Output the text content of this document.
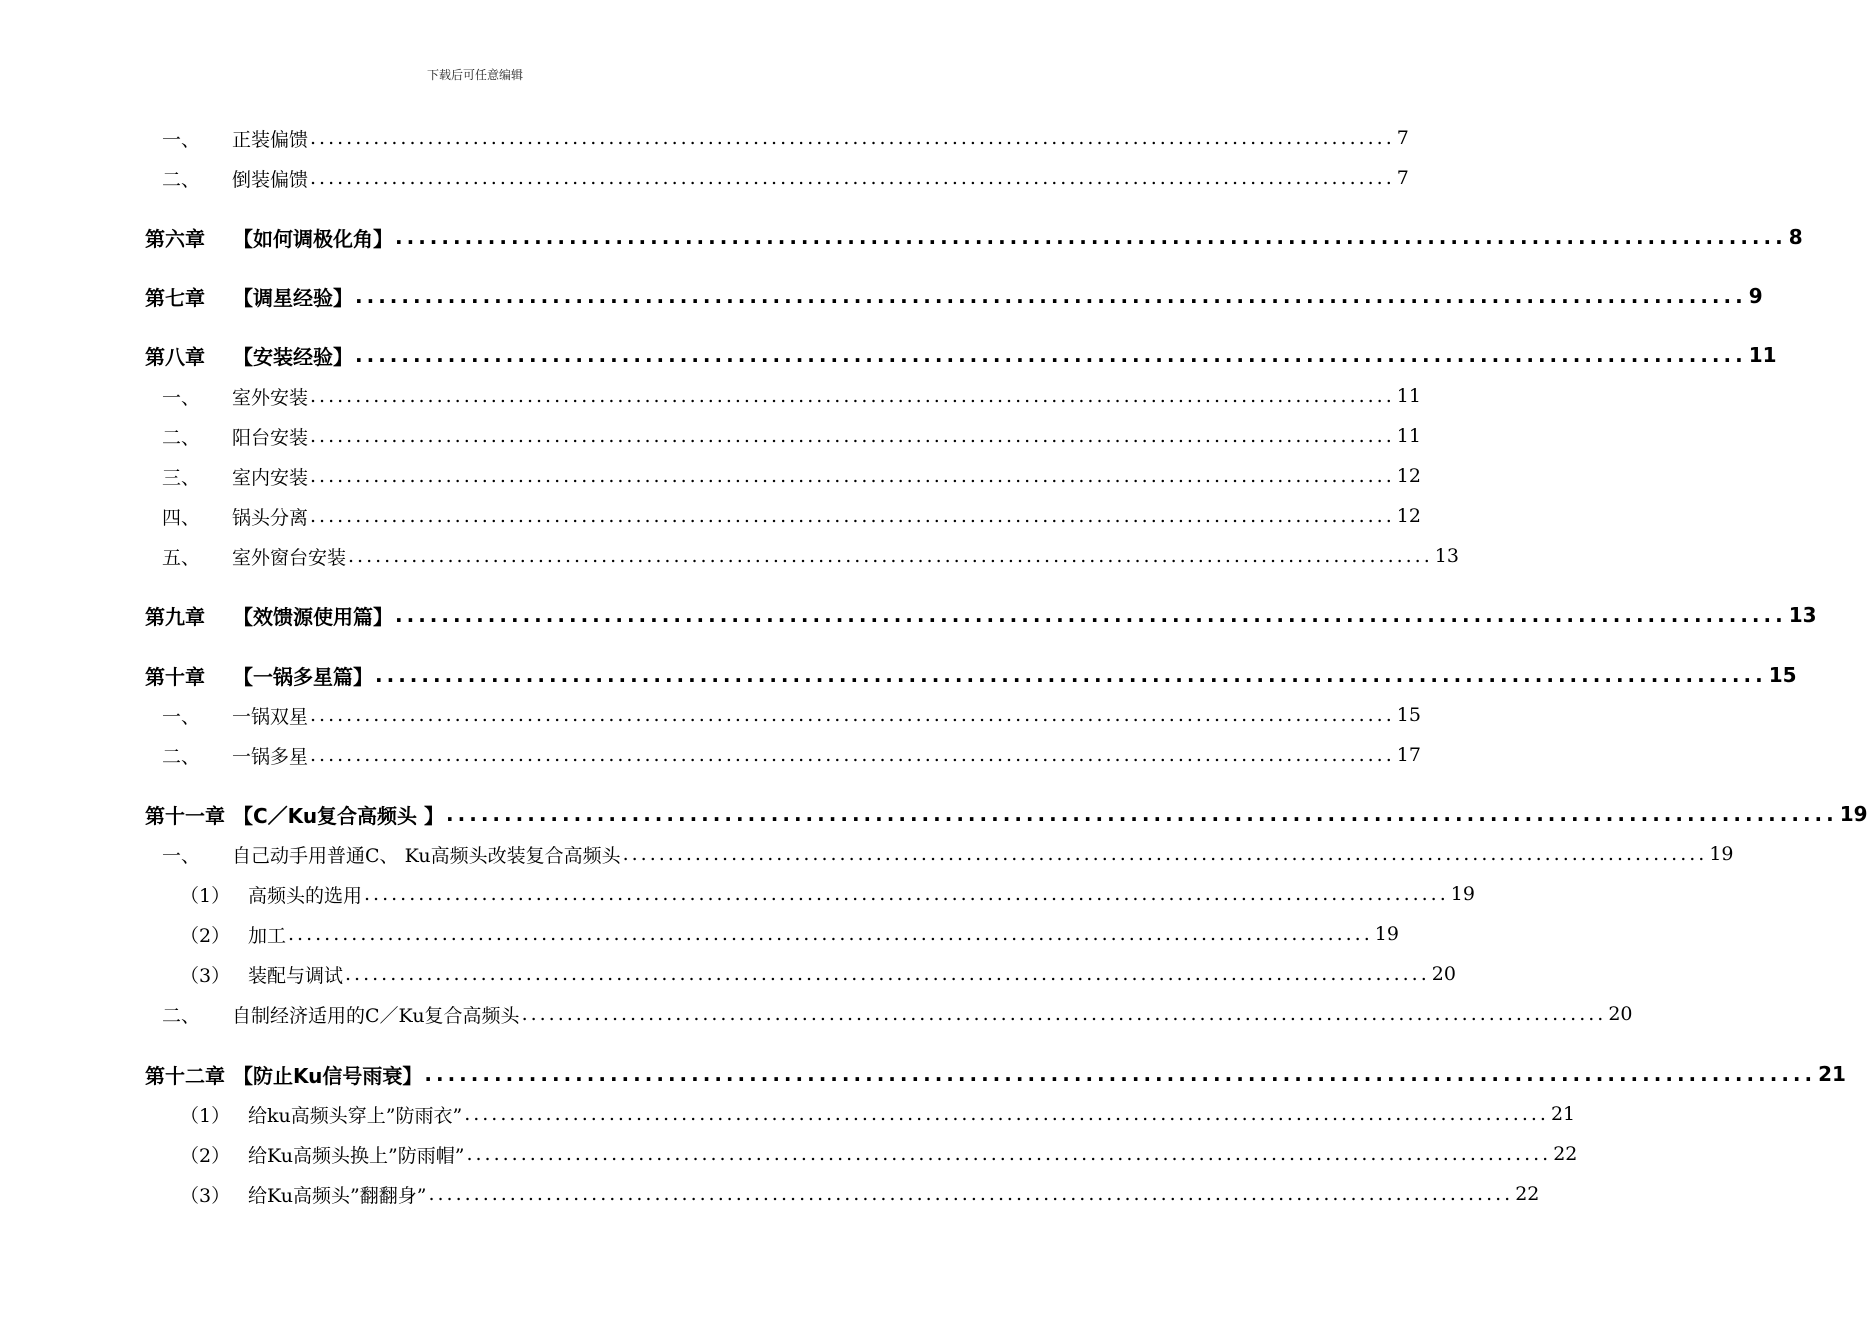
下载后可任意编辑
一、	正装偏馈 ........................................................................................................................ 7
二、	倒装偏馈 ........................................................................................................................ 7
第六章	【如何调极化角】 ........................................................................................................................ 8
第七章	【调星经验】 ........................................................................................................................ 9
第八章	【安装经验】 ........................................................................................................................ 11
一、	室外安装 ........................................................................................................................ 11
二、	阳台安装 ........................................................................................................................ 11
三、	室内安装 ........................................................................................................................ 12
四、	锅头分离 ........................................................................................................................ 12
五、	室外窗台安装 ........................................................................................................................ 13
第九章	【效馈源使用篇】 ........................................................................................................................ 13
第十章	【一锅多星篇】 ........................................................................................................................ 15
一、	一锅双星 ........................................................................................................................ 15
二、	一锅多星 ........................................................................................................................ 17
第十一章 【C／Ku复合高频头 】 ........................................................................................................................ 19
一、	自己动手用普通C、 Ku高频头改装复合高频头 ........................................................................................................................ 19
（1） 高频头的选用 ........................................................................................................................ 19
（2） 加工 ........................................................................................................................ 19
（3） 装配与调试 ........................................................................................................................ 20
二、	自制经济适用的C／Ku复合高频头 ........................................................................................................................ 20
第十二章 【防止Ku信号雨衰】 ........................................................................................................................ 21
（1） 给ku高频头穿上”防雨衣” ........................................................................................................................ 21
（2） 给Ku高频头换上”防雨帽” ........................................................................................................................ 22
（3） 给Ku高频头”翻翻身” ........................................................................................................................ 22
